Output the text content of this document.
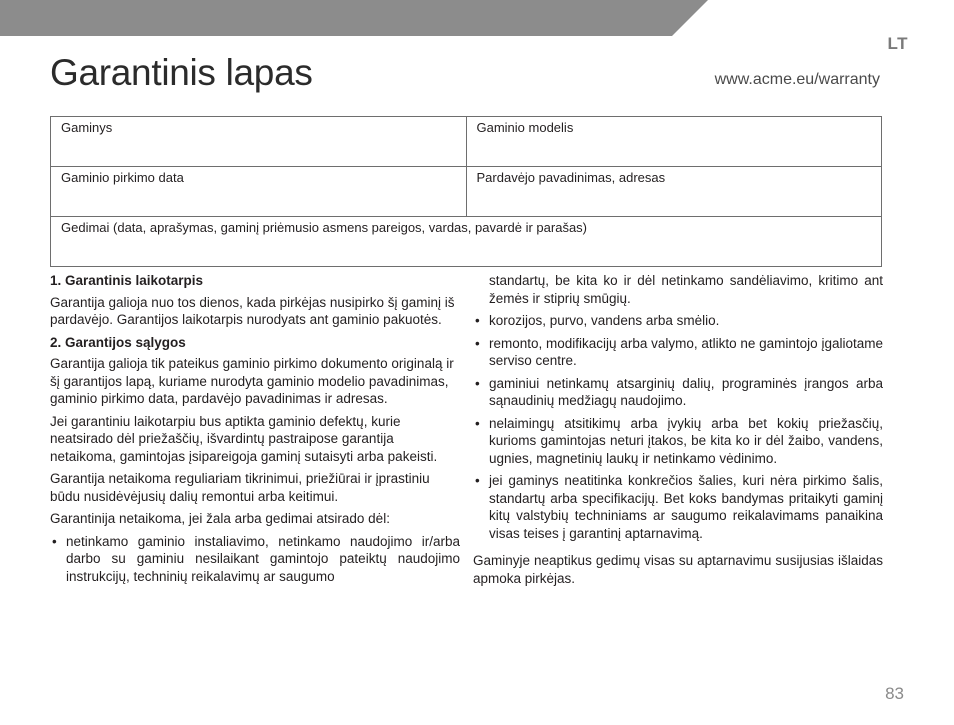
LT
Garantinis lapas	www.acme.eu/warranty
Gaminys	Gaminio modelis
Gaminio pirkimo data	Pardavėjo pavadinimas, adresas
Gedimai (data, aprašymas, gaminį priėmusio asmens pareigos, vardas, pavardė ir parašas)	

1. Garantinis laikotarpis

Garantija galioja nuo tos dienos, kada pirkėjas nusipirko šį gaminį iš pardavėjo. Garantijos laikotarpis nurodyats ant gaminio pakuotės.

2. Garantijos sąlygos

Garantija galioja tik pateikus gaminio pirkimo dokumento originalą ir šį garantijos lapą, kuriame nurodyta gaminio modelio pavadinimas, gaminio pirkimo data, pardavėjo pavadinimas ir adresas.

Jei garantiniu laikotarpiu bus aptikta gaminio defektų, kurie neatsirado dėl priežaščių, išvardintų pastraipose garantija netaikoma, gamintojas įsipareigoja gaminį sutaisyti arba pakeisti.

Garantija netaikoma reguliariam tikrinimui, priežiūrai ir įprastiniu būdu nusidėvėjusių dalių remontui arba keitimui.

Garantinija netaikoma, jei žala arba gedimai atsirado dėl:

• netinkamo gaminio instaliavimo, netinkamo naudojimo ir/arba darbo su gaminiu nesilaikant gamintojo pateiktų naudojimo instrukcijų, techninių reikalavimų ar saugumo
standartų, be kita ko ir dėl netinkamo sandėliavimo, kritimo ant žemės ir stiprių smūgių.
• korozijos, purvo, vandens arba smėlio.
• remonto, modifikacijų arba valymo, atlikto ne gamintojo įgaliotame serviso centre.
• gaminiui netinkamų atsarginių dalių, programinės įrangos arba sąnaudinių medžiagų naudojimo.
• nelaimingų atsitikimų arba įvykių arba bet kokių priežasčių, kurioms gamintojas neturi įtakos, be kita ko ir dėl žaibo, vandens, ugnies, magnetinių laukų ir netinkamo vėdinimo.
• jei gaminys neatitinka konkrečios šalies, kuri nėra pirkimo šalis, standartų arba specifikacijų. Bet koks bandymas pritaikyti gaminį kitų valstybių techniniams ar saugumo reikalavimams panaikina visas teises į garantinį aptarnavimą.

Gaminyje neaptikus gedimų visas su aptarnavimu susijusias išlaidas apmoka pirkėjas.

83
